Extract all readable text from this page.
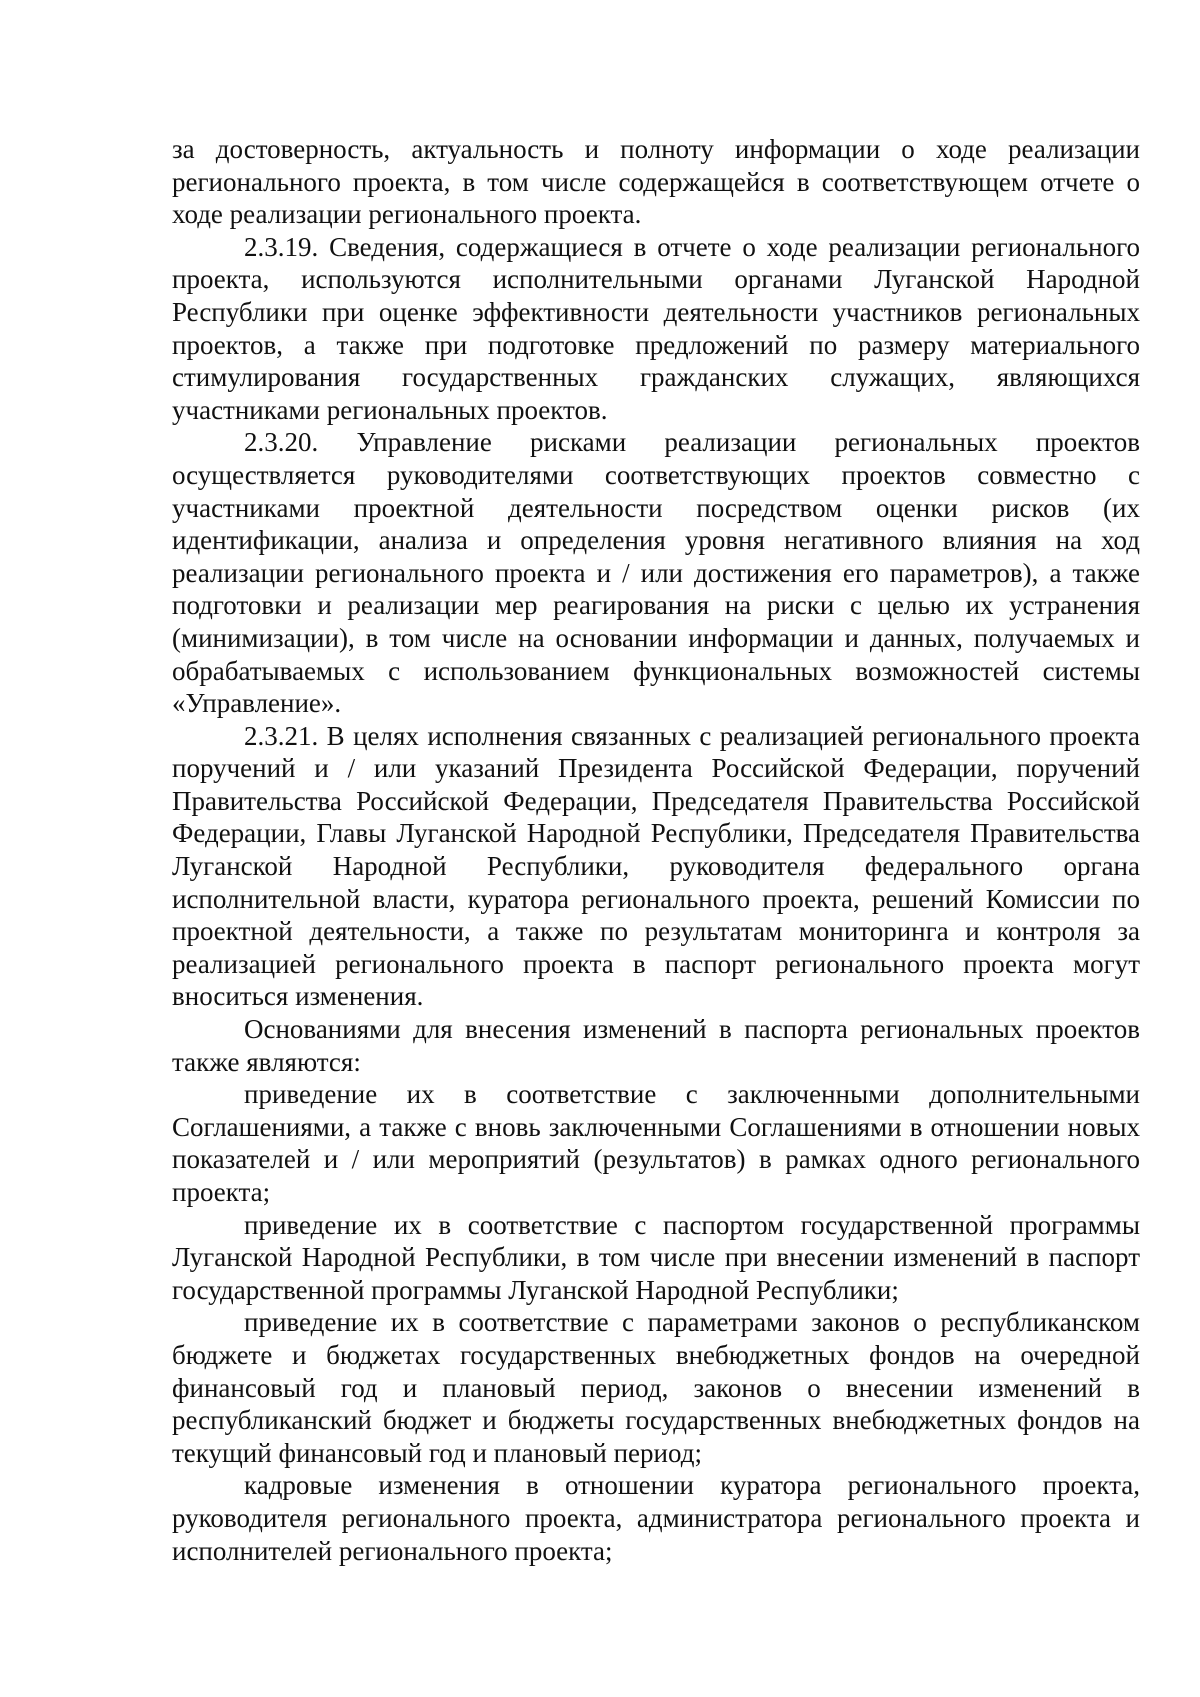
за достоверность, актуальность и полноту информации о ходе реализации регионального проекта, в том числе содержащейся в соответствующем отчете о ходе реализации регионального проекта.

2.3.19. Сведения, содержащиеся в отчете о ходе реализации регионального проекта, используются исполнительными органами Луганской Народной Республики при оценке эффективности деятельности участников региональных проектов, а также при подготовке предложений по размеру материального стимулирования государственных гражданских служащих, являющихся участниками региональных проектов.

2.3.20. Управление рисками реализации региональных проектов осуществляется руководителями соответствующих проектов совместно с участниками проектной деятельности посредством оценки рисков (их идентификации, анализа и определения уровня негативного влияния на ход реализации регионального проекта и / или достижения его параметров), а также подготовки и реализации мер реагирования на риски с целью их устранения (минимизации), в том числе на основании информации и данных, получаемых и обрабатываемых с использованием функциональных возможностей системы «Управление».

2.3.21. В целях исполнения связанных с реализацией регионального проекта поручений и / или указаний Президента Российской Федерации, поручений Правительства Российской Федерации, Председателя Правительства Российской Федерации, Главы Луганской Народной Республики, Председателя Правительства Луганской Народной Республики, руководителя федерального органа исполнительной власти, куратора регионального проекта, решений Комиссии по проектной деятельности, а также по результатам мониторинга и контроля за реализацией регионального проекта в паспорт регионального проекта могут вноситься изменения.

Основаниями для внесения изменений в паспорта региональных проектов также являются:

приведение их в соответствие с заключенными дополнительными Соглашениями, а также с вновь заключенными Соглашениями в отношении новых показателей и / или мероприятий (результатов) в рамках одного регионального проекта;

приведение их в соответствие с паспортом государственной программы Луганской Народной Республики, в том числе при внесении изменений в паспорт государственной программы Луганской Народной Республики;

приведение их в соответствие с параметрами законов о республиканском бюджете и бюджетах государственных внебюджетных фондов на очередной финансовый год и плановый период, законов о внесении изменений в республиканский бюджет и бюджеты государственных внебюджетных фондов на текущий финансовый год и плановый период;

кадровые изменения в отношении куратора регионального проекта, руководителя регионального проекта, администратора регионального проекта и исполнителей регионального проекта;
